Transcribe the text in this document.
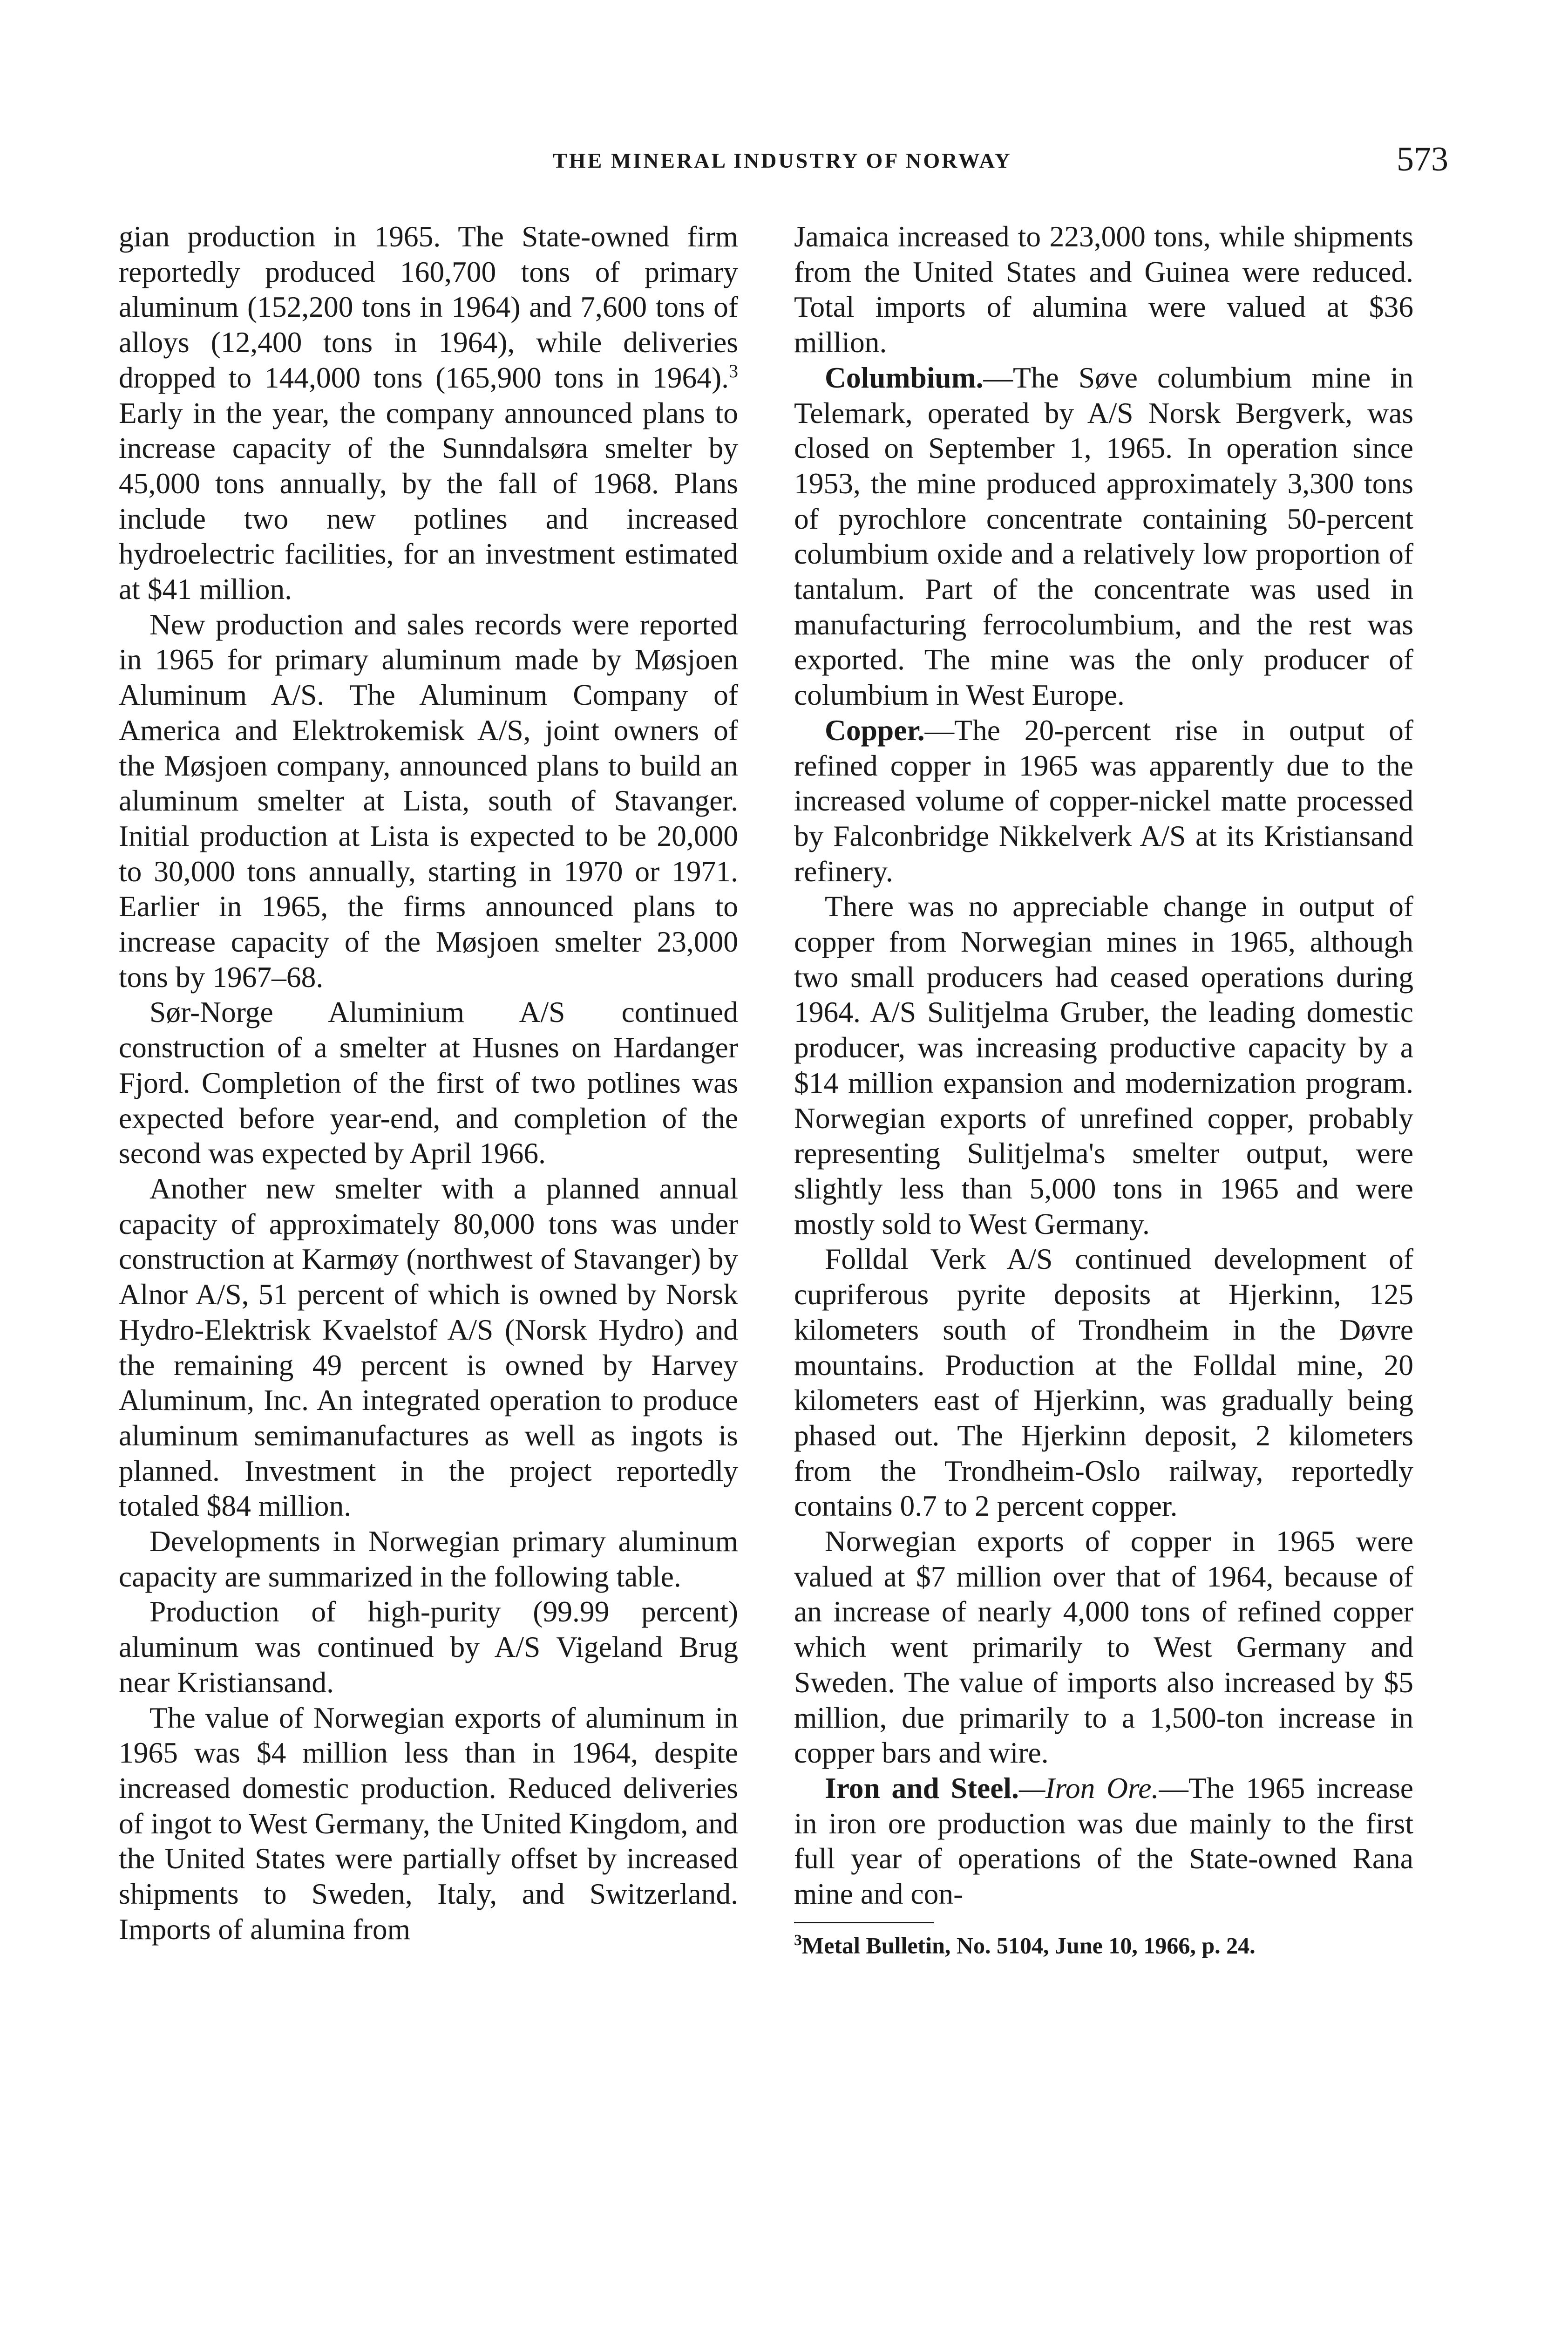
THE MINERAL INDUSTRY OF NORWAY	573

gian production in 1965. The State-owned firm reportedly produced 160,700 tons of primary aluminum (152,200 tons in 1964) and 7,600 tons of alloys (12,400 tons in 1964), while deliveries dropped to 144,000 tons (165,900 tons in 1964).$^3$ Early in the year, the company announced plans to increase capacity of the Sunndalsøra smelter by 45,000 tons annually, by the fall of 1968. Plans include two new potlines and increased hydroelectric facilities, for an investment estimated at $41 million.

New production and sales records were reported in 1965 for primary aluminum made by Møsjoen Aluminum A/S. The Aluminum Company of America and Elektrokemisk A/S, joint owners of the Møsjoen company, announced plans to build an aluminum smelter at Lista, south of Stavanger. Initial production at Lista is expected to be 20,000 to 30,000 tons annually, starting in 1970 or 1971. Earlier in 1965, the firms announced plans to increase capacity of the Møsjoen smelter 23,000 tons by 1967–68.

Sør-Norge Aluminium A/S continued construction of a smelter at Husnes on Hardanger Fjord. Completion of the first of two potlines was expected before year-end, and completion of the second was expected by April 1966.

Another new smelter with a planned annual capacity of approximately 80,000 tons was under construction at Karmøy (northwest of Stavanger) by Alnor A/S, 51 percent of which is owned by Norsk Hydro-Elektrisk Kvaelstof A/S (Norsk Hydro) and the remaining 49 percent is owned by Harvey Aluminum, Inc. An integrated operation to produce aluminum semimanufactures as well as ingots is planned. Investment in the project reportedly totaled $84 million.

Developments in Norwegian primary aluminum capacity are summarized in the following table.

Production of high-purity (99.99 percent) aluminum was continued by A/S Vigeland Brug near Kristiansand.

The value of Norwegian exports of aluminum in 1965 was $4 million less than in 1964, despite increased domestic production. Reduced deliveries of ingot to West Germany, the United Kingdom, and the United States were partially offset by increased shipments to Sweden, Italy, and Switzerland. Imports of alumina from

Jamaica increased to 223,000 tons, while shipments from the United States and Guinea were reduced. Total imports of alumina were valued at $36 million.

Columbium.—The Søve columbium mine in Telemark, operated by A/S Norsk Bergverk, was closed on September 1, 1965. In operation since 1953, the mine produced approximately 3,300 tons of pyrochlore concentrate containing 50-percent columbium oxide and a relatively low proportion of tantalum. Part of the concentrate was used in manufacturing ferrocolumbium, and the rest was exported. The mine was the only producer of columbium in West Europe.

Copper.—The 20-percent rise in output of refined copper in 1965 was apparently due to the increased volume of copper-nickel matte processed by Falconbridge Nikkelverk A/S at its Kristiansand refinery.

There was no appreciable change in output of copper from Norwegian mines in 1965, although two small producers had ceased operations during 1964. A/S Sulitjelma Gruber, the leading domestic producer, was increasing productive capacity by a $14 million expansion and modernization program. Norwegian exports of unrefined copper, probably representing Sulitjelma's smelter output, were slightly less than 5,000 tons in 1965 and were mostly sold to West Germany.

Folldal Verk A/S continued development of cupriferous pyrite deposits at Hjerkinn, 125 kilometers south of Trondheim in the Døvre mountains. Production at the Folldal mine, 20 kilometers east of Hjerkinn, was gradually being phased out. The Hjerkinn deposit, 2 kilometers from the Trondheim-Oslo railway, reportedly contains 0.7 to 2 percent copper.

Norwegian exports of copper in 1965 were valued at $7 million over that of 1964, because of an increase of nearly 4,000 tons of refined copper which went primarily to West Germany and Sweden. The value of imports also increased by $5 million, due primarily to a 1,500-ton increase in copper bars and wire.

Iron and Steel.—Iron Ore.—The 1965 increase in iron ore production was due mainly to the first full year of operations of the State-owned Rana mine and con-

$^3$Metal Bulletin, No. 5104, June 10, 1966, p. 24.
